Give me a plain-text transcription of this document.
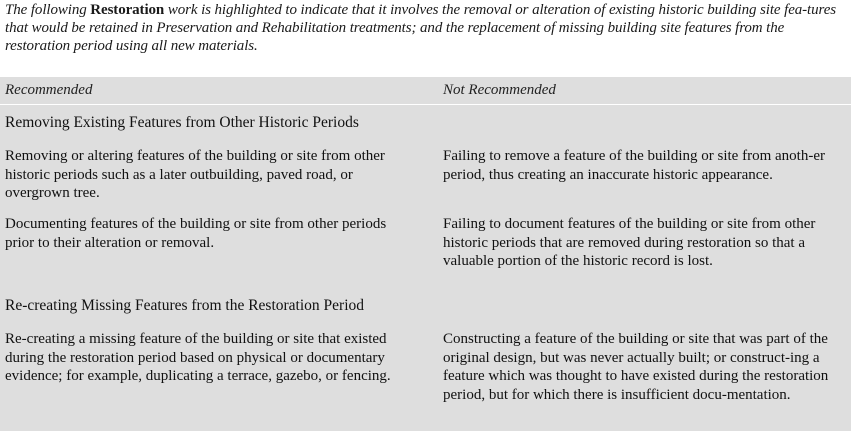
The following Restoration work is highlighted to indicate that it involves the removal or alteration of existing historic building site fea-tures that would be retained in Preservation and Rehabilitation treatments; and the replacement of missing building site features from the restoration period using all new materials.
Recommended	Not Recommended
Removing Existing Features from Other Historic Periods
Removing or altering features of the building or site from other historic periods such as a later outbuilding, paved road, or overgrown tree.
Failing to remove a feature of the building or site from anoth-er period, thus creating an inaccurate historic appearance.
Documenting features of the building or site from other periods prior to their alteration or removal.
Failing to document features of the building or site from other historic periods that are removed during restoration so that a valuable portion of the historic record is lost.
Re-creating Missing Features from the Restoration Period
Re-creating a missing feature of the building or site that existed during the restoration period based on physical or documentary evidence; for example, duplicating a terrace, gazebo, or fencing.
Constructing a feature of the building or site that was part of the original design, but was never actually built; or construct-ing a feature which was thought to have existed during the restoration period, but for which there is insufficient docu-mentation.
